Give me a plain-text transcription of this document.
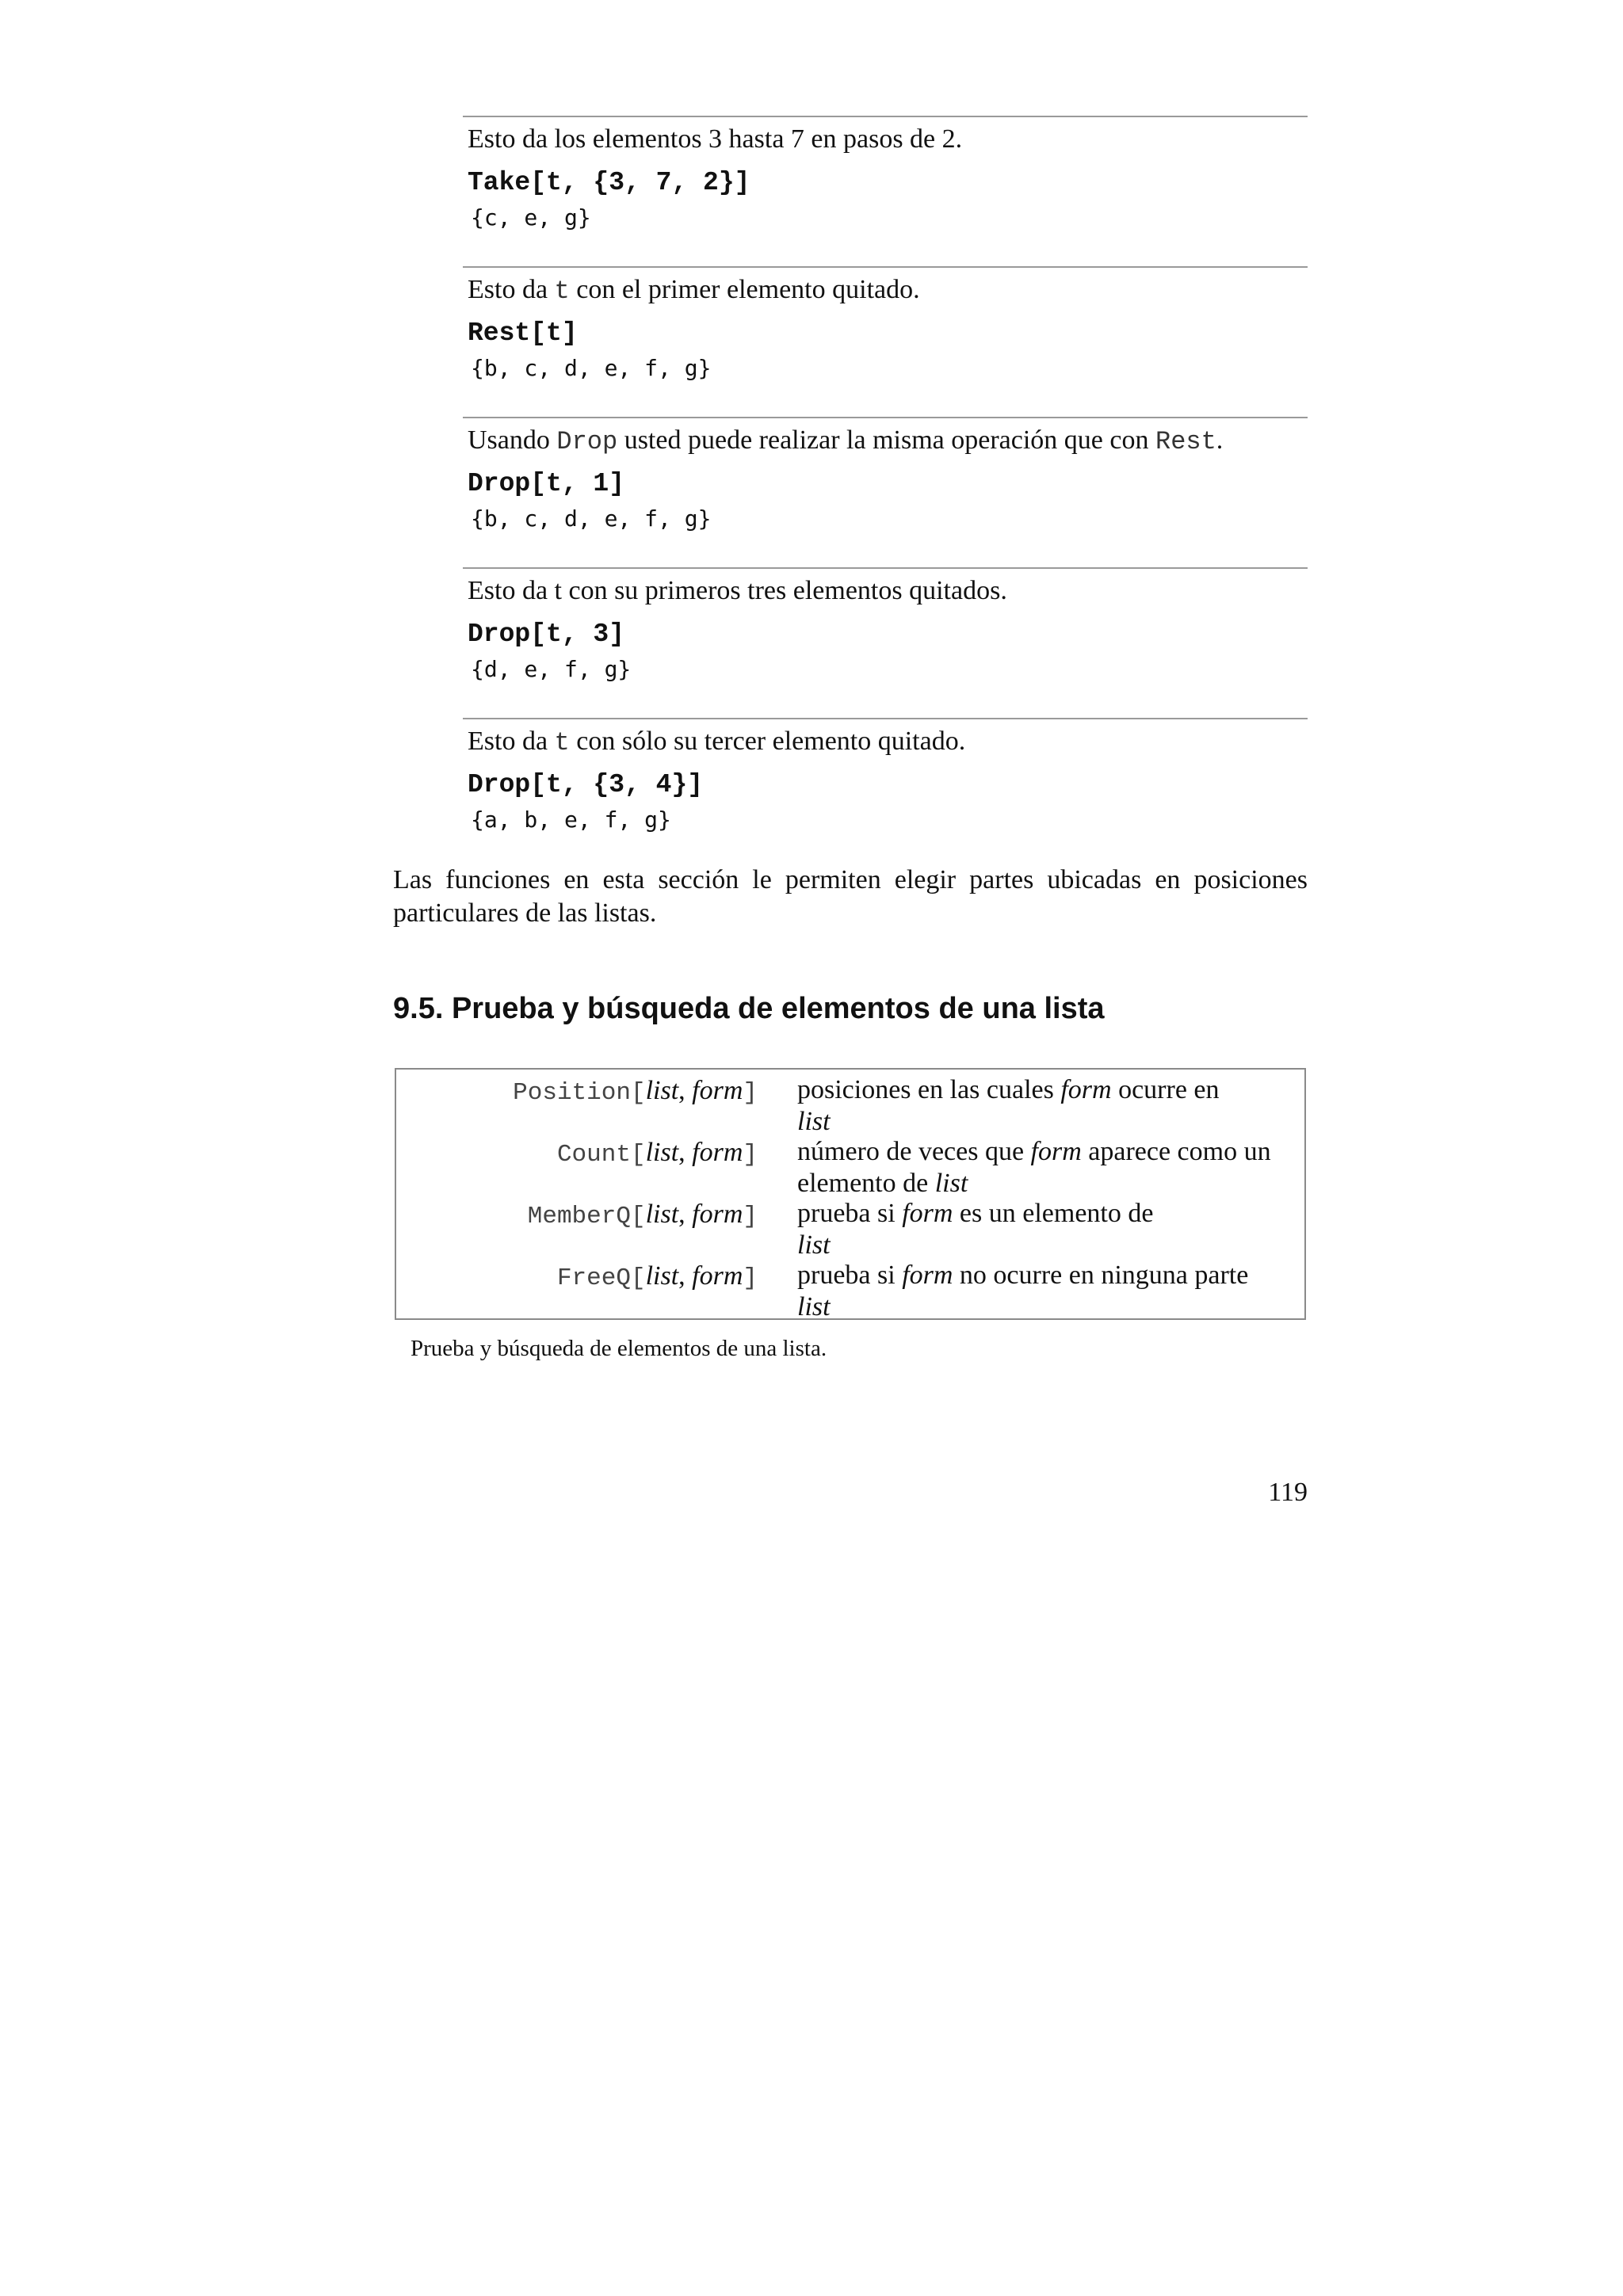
Esto da los elementos 3 hasta 7 en pasos de 2.
Take[t, {3, 7, 2}]
{c, e, g}
Esto da t con el primer elemento quitado.
Rest[t]
{b, c, d, e, f, g}
Usando Drop usted puede realizar la misma operación que con Rest.
Drop[t, 1]
{b, c, d, e, f, g}
Esto da t con su primeros tres elementos quitados.
Drop[t, 3]
{d, e, f, g}
Esto da t con sólo su tercer elemento quitado.
Drop[t, {3, 4}]
{a, b, e, f, g}

Las funciones en esta sección le permiten elegir partes ubicadas en posiciones particulares de las listas.

9.5. Prueba y búsqueda de elementos de una lista
Position[list, form] posiciones en las cuales form ocurre en
list
Count[list, form] número de veces que form aparece como un
elemento de list
MemberQ[list, form] prueba si form es un elemento de
list
FreeQ[list, form] prueba si form no ocurre en ninguna parte
list
Prueba y búsqueda de elementos de una lista.
119
